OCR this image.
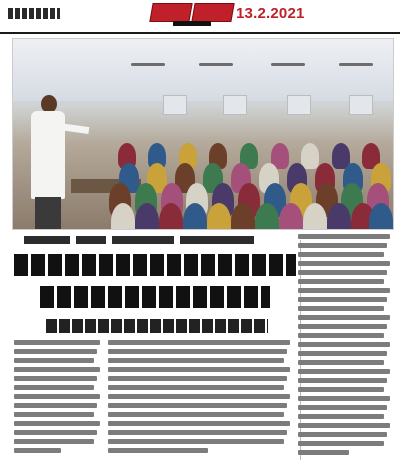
13.2.2021
